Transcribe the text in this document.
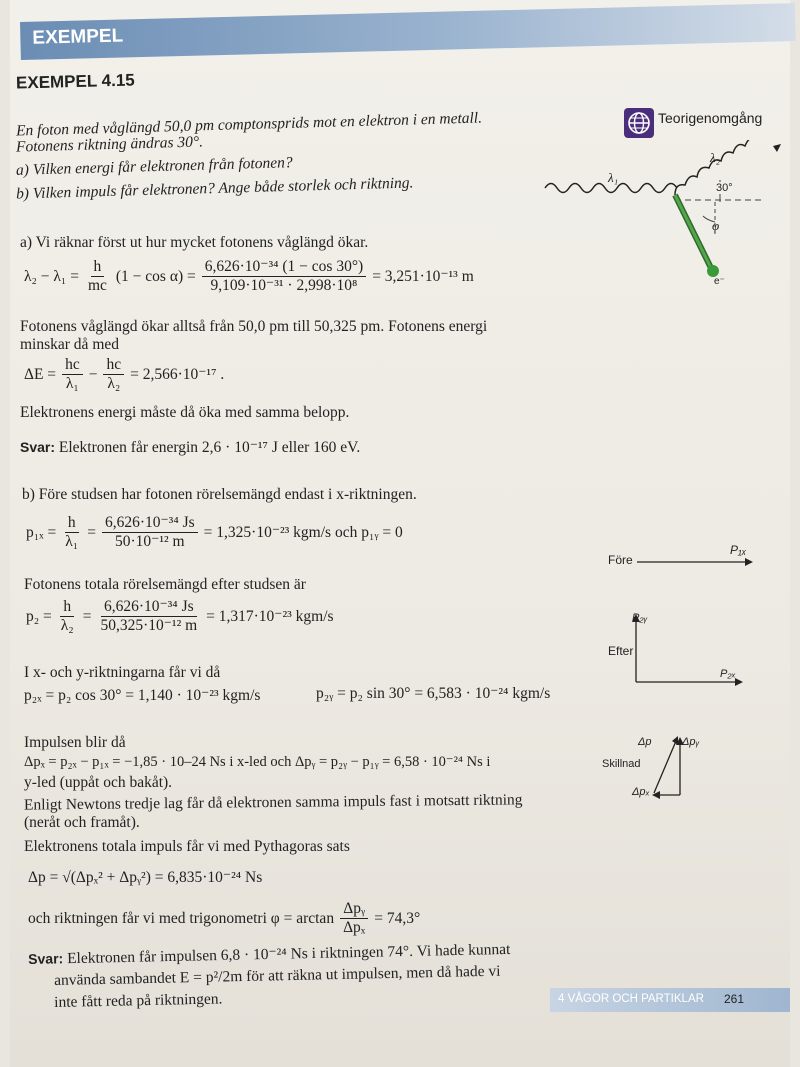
EXEMPEL
EXEMPEL 4.15
En foton med våglängd 50,0 pm comptonsprids mot en elektron i en metall.
Fotonens riktning ändras 30°.
a) Vilken energi får elektronen från fotonen?
b) Vilken impuls får elektronen? Ange både storlek och riktning.
Teorigenomgång
λ₂
λ₁
30°
φ
e⁻
a) Vi räknar först ut hur mycket fotonens våglängd ökar.
$\lambda_2 - \lambda_1 = \frac{h}{mc} (1 - \cos \alpha) = \frac{\text{6,626·10⁻³⁴ (1 − cos 30°)}}{\text{9,109·10⁻³¹ · 2,998·10⁸}} = 3,251\cdot 10^{-13}$ m
Fotonens våglängd ökar alltså från 50,0 pm till 50,325 pm. Fotonens energi
minskar då med
$\Delta E = \frac{hc}{\text{λ₁}} - \frac{hc}{\text{λ₂}} = 2,566\cdot 10^{-17}$ .
Elektronens energi måste då öka med samma belopp.
Svar: Elektronen får energin 2,6 · 10⁻¹⁷ J eller 160 eV.
b) Före studsen har fotonen rörelsemängd endast i x-riktningen.
$p_{1x} = \frac{h}{\text{λ₁}} = \frac{\text{6,626·10⁻³⁴ Js}}{\text{50·10⁻¹² m}} = 1,325\cdot 10^{-23}$ kgm/s och p₁ᵧ = 0
Fotonens totala rörelsemängd efter studsen är
$p_2 = \frac{h}{\text{λ₂}} = \frac{\text{6,626·10⁻³⁴ Js}}{\text{50,325·10⁻¹² m}} = 1,317\cdot 10^{-23}$ kgm/s
I x- och y-riktningarna får vi då
p₂ₓ = p₂ cos 30° = 1,140 · 10⁻²³ kgm/s	p₂ᵧ = p₂ sin 30° = 6,583 · 10⁻²⁴ kgm/s
Impulsen blir då
Δpₓ = p₂ₓ − p₁ₓ = −1,85 · 10–24 Ns i x-led och Δpᵧ = p₂ᵧ − p₁ᵧ = 6,58 · 10⁻²⁴ Ns i
y-led (uppåt och bakåt).
Enligt Newtons tredje lag får då elektronen samma impuls fast i motsatt riktning
(neråt och framåt).
Elektronens totala impuls får vi med Pythagoras sats
Δp = √(Δpₓ² + Δpᵧ²) = 6,835·10⁻²⁴ Ns
och riktningen får vi med trigonometri $\varphi = \arctan \frac{\text{Δpᵧ}}{\text{Δpₓ}} = 74,3^\circ$
Svar: Elektronen får impulsen 6,8 · 10⁻²⁴ Ns i riktningen 74°. Vi hade kunnat
använda sambandet E = p²/2m för att räkna ut impulsen, men då hade vi
inte fått reda på riktningen.
Före
P₁ₓ
P₂ᵧ
Efter
P₂ₓ
Δp	Δpᵧ
Skillnad
Δpₓ
4 VÅGOR OCH PARTIKLAR 261
